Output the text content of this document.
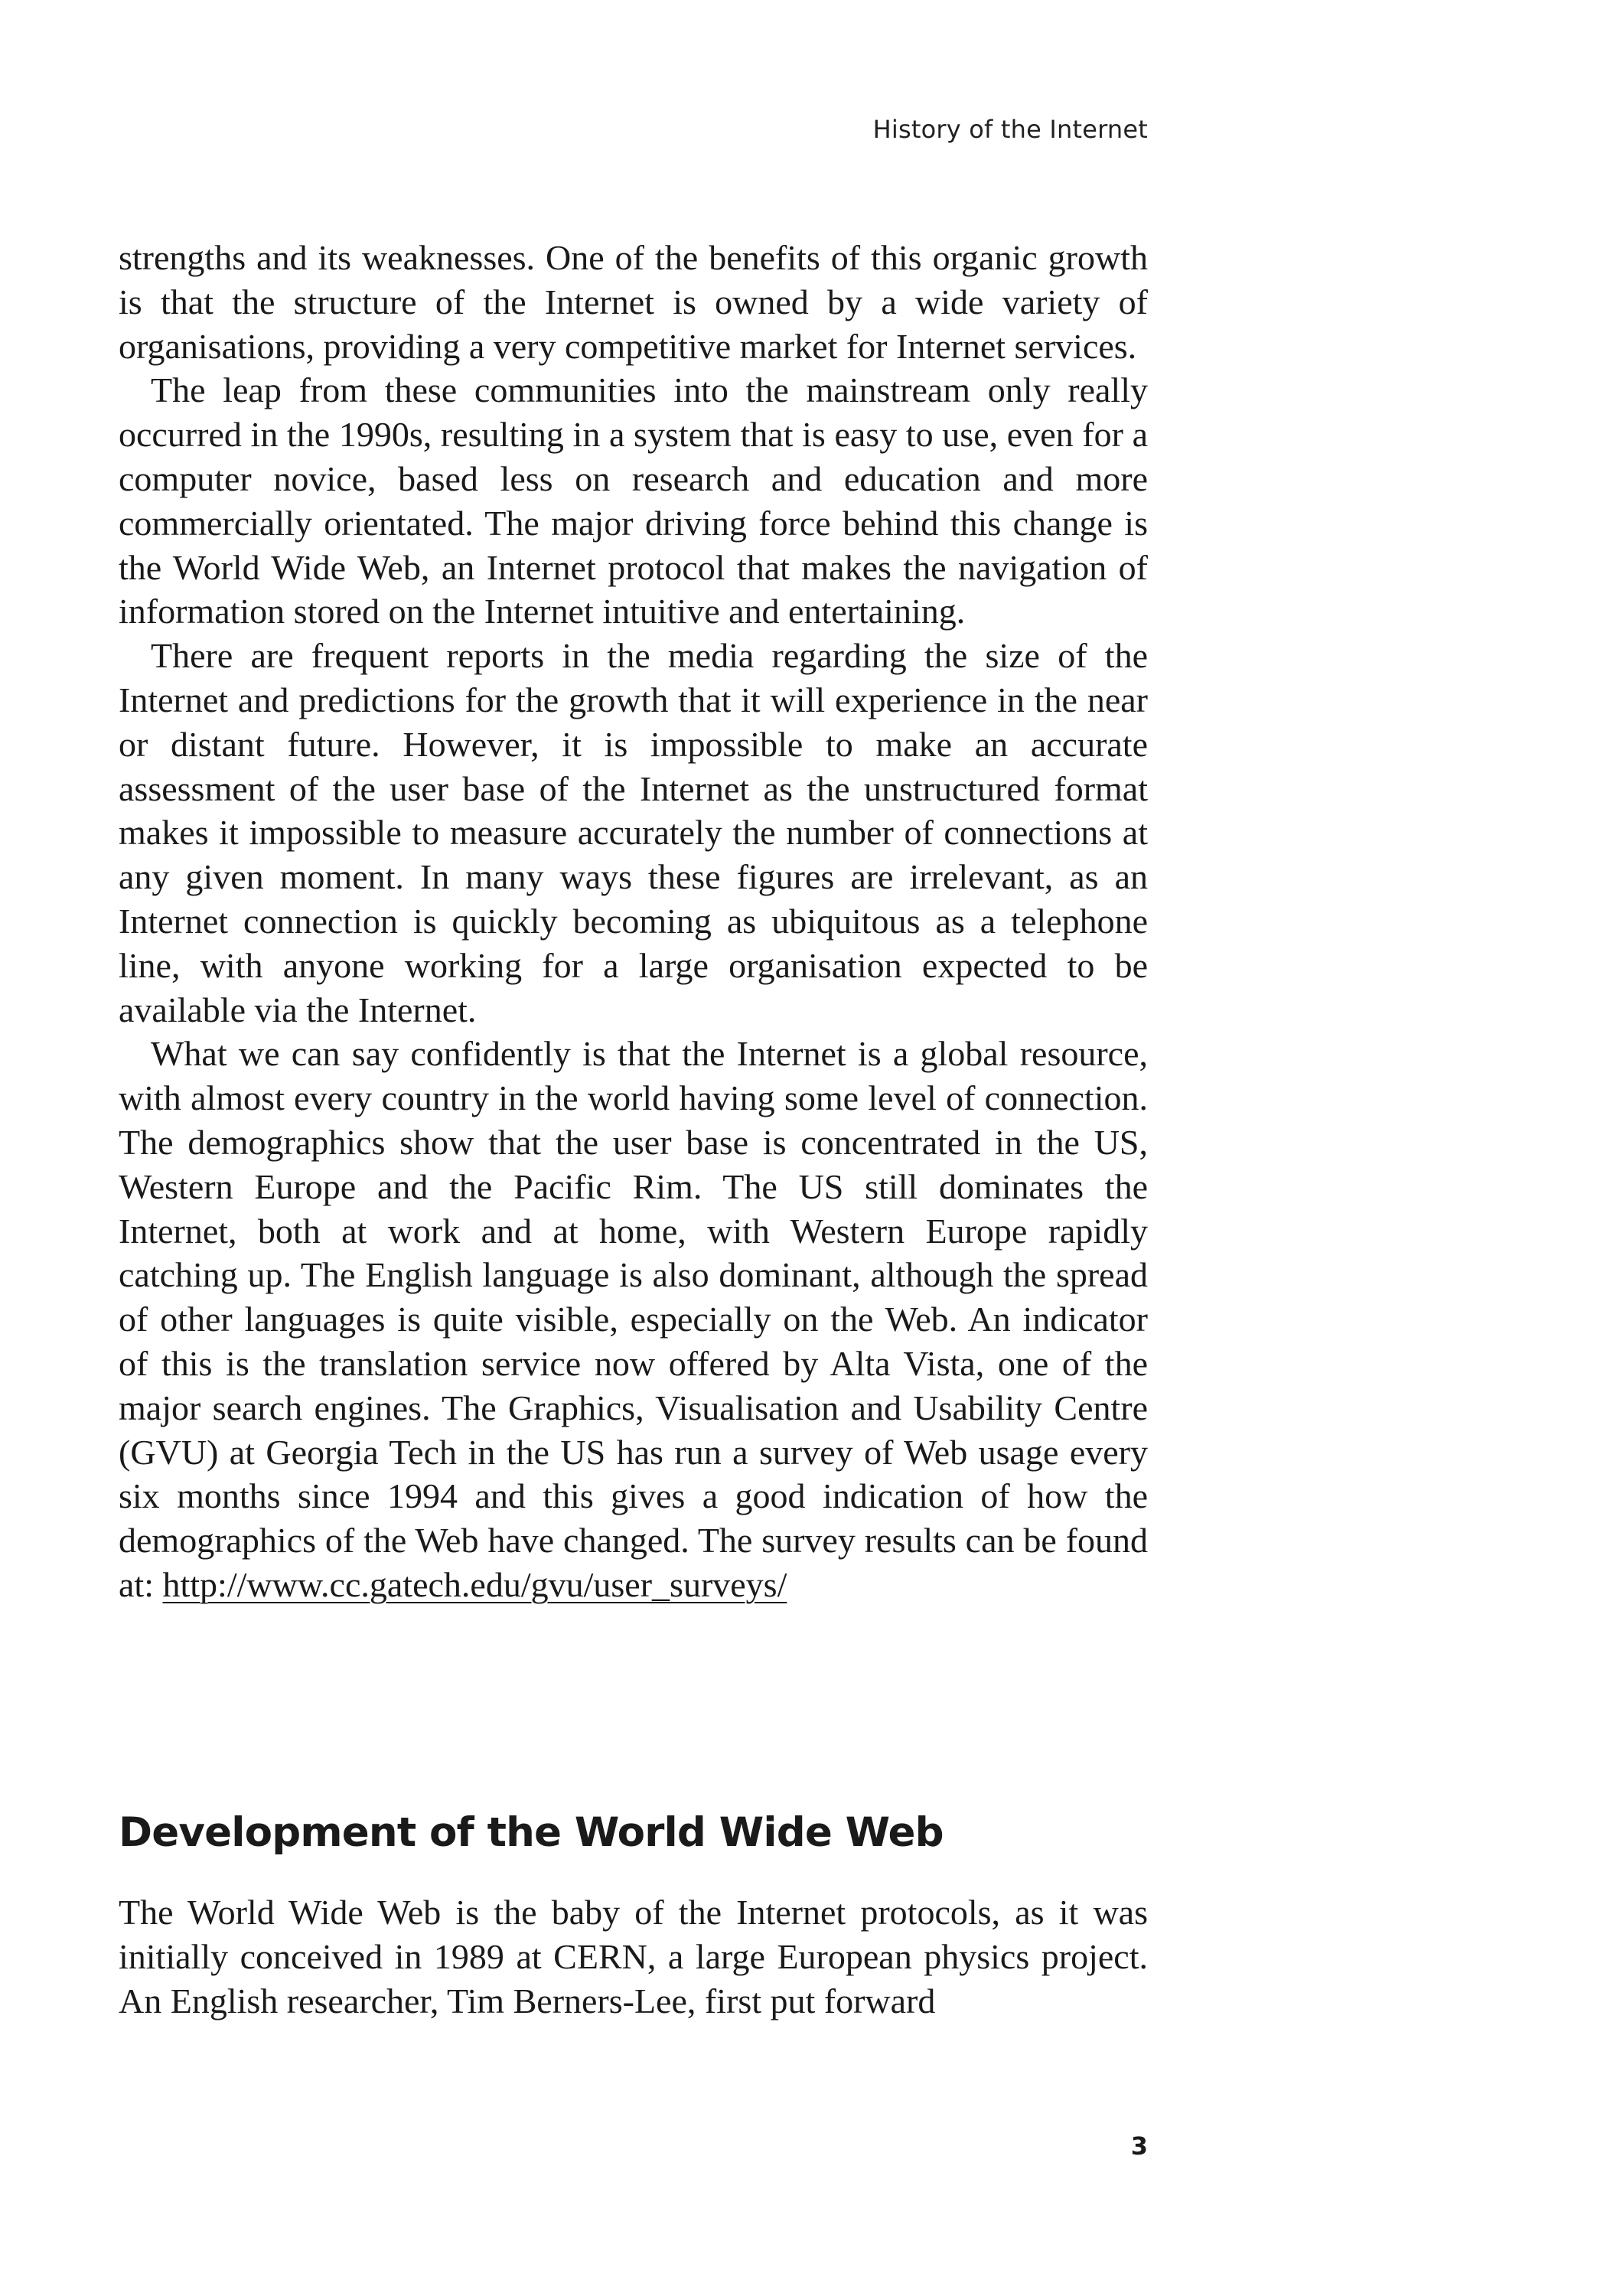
History of the Internet

strengths and its weaknesses. One of the benefits of this organic growth is that the structure of the Internet is owned by a wide variety of organisations, providing a very competitive market for Internet services.

The leap from these communities into the mainstream only really occurred in the 1990s, resulting in a system that is easy to use, even for a computer novice, based less on research and education and more commercially orientated. The major driving force behind this change is the World Wide Web, an Internet protocol that makes the navigation of information stored on the Internet intuitive and entertaining.

There are frequent reports in the media regarding the size of the Internet and predictions for the growth that it will experience in the near or distant future. However, it is impossible to make an accurate assessment of the user base of the Internet as the unstructured format makes it impossible to measure accurately the number of connections at any given moment. In many ways these figures are irrelevant, as an Internet connection is quickly becoming as ubiquitous as a telephone line, with anyone working for a large organisation expected to be available via the Internet.

What we can say confidently is that the Internet is a global resource, with almost every country in the world having some level of connection. The demographics show that the user base is concentrated in the US, Western Europe and the Pacific Rim. The US still dominates the Internet, both at work and at home, with Western Europe rapidly catching up. The English language is also dominant, although the spread of other languages is quite visible, especially on the Web. An indicator of this is the translation service now offered by Alta Vista, one of the major search engines. The Graphics, Visualisation and Usability Centre (GVU) at Georgia Tech in the US has run a survey of Web usage every six months since 1994 and this gives a good indication of how the demographics of the Web have changed. The survey results can be found at: http://www.cc.gatech.edu/gvu/user_surveys/

Development of the World Wide Web

The World Wide Web is the baby of the Internet protocols, as it was initially conceived in 1989 at CERN, a large European physics project. An English researcher, Tim Berners-Lee, first put forward

3
